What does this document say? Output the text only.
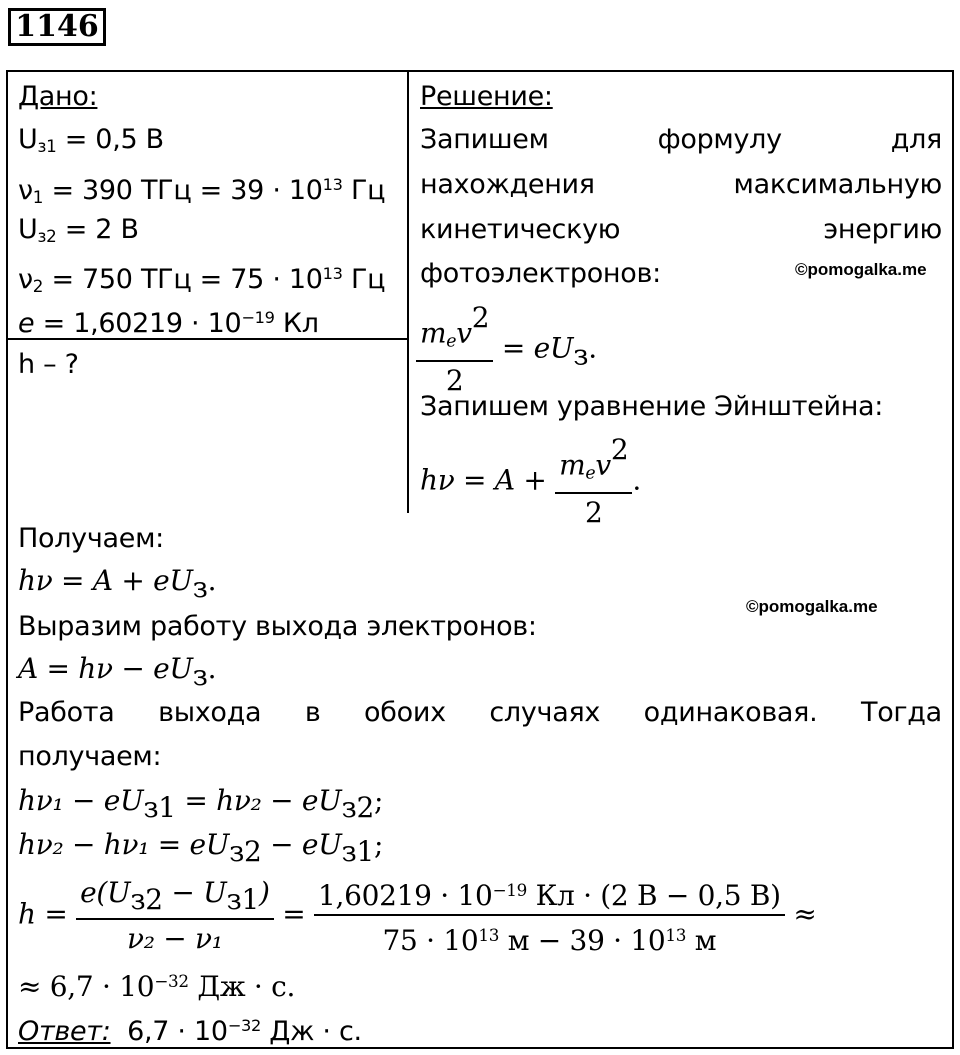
1146
Дано:
$U_{з1} = 0,5$ В
$\nu_1 = 390$ ТГц = $39 \cdot 10^{13}$ Гц
$U_{з2} = 2$ В
$\nu_2 = 750$ ТГц = $75 \cdot 10^{13}$ Гц
$e = 1,60219 \cdot 10^{-19}$ Кл
h – ?
Решение:
Запишем	формулу	для
нахождения	максимальную
кинетическую	энергию
фотоэлектронов:	©pomogalka.me
$\frac{m_ev^2}{2} = eU_з$.
Запишем уравнение Эйнштейна:
$h\nu = A + \frac{m_ev^2}{2}$ .
Получаем:
$h\nu = A + eU_з$.
©pomogalka.me
Выразим работу выхода электронов:
$A = h\nu - eU_з$.
Работа выхода в обоих случаях одинаковая. Тогда
получаем:
$h\nu_1 - eU_{з1} = h\nu_2 - eU_{з2}$;
$h\nu_2 - h\nu_1 = eU_{з2} - eU_{з1}$;
$h = \frac{e(U_{з2} - U_{з1})}{\text{ν₂ − ν₁}} = \frac{1,60219 \cdot 10^{-19} Кл \cdot (2 В - 0,5 В)}{75 \cdot 10^{13} м - 39 \cdot 10^{13} м}$ ≈
≈ $6,7 \cdot 10^{-32}$ Дж · с.
Ответ:  $6,7 \cdot 10^{-32}$ Дж · с.
